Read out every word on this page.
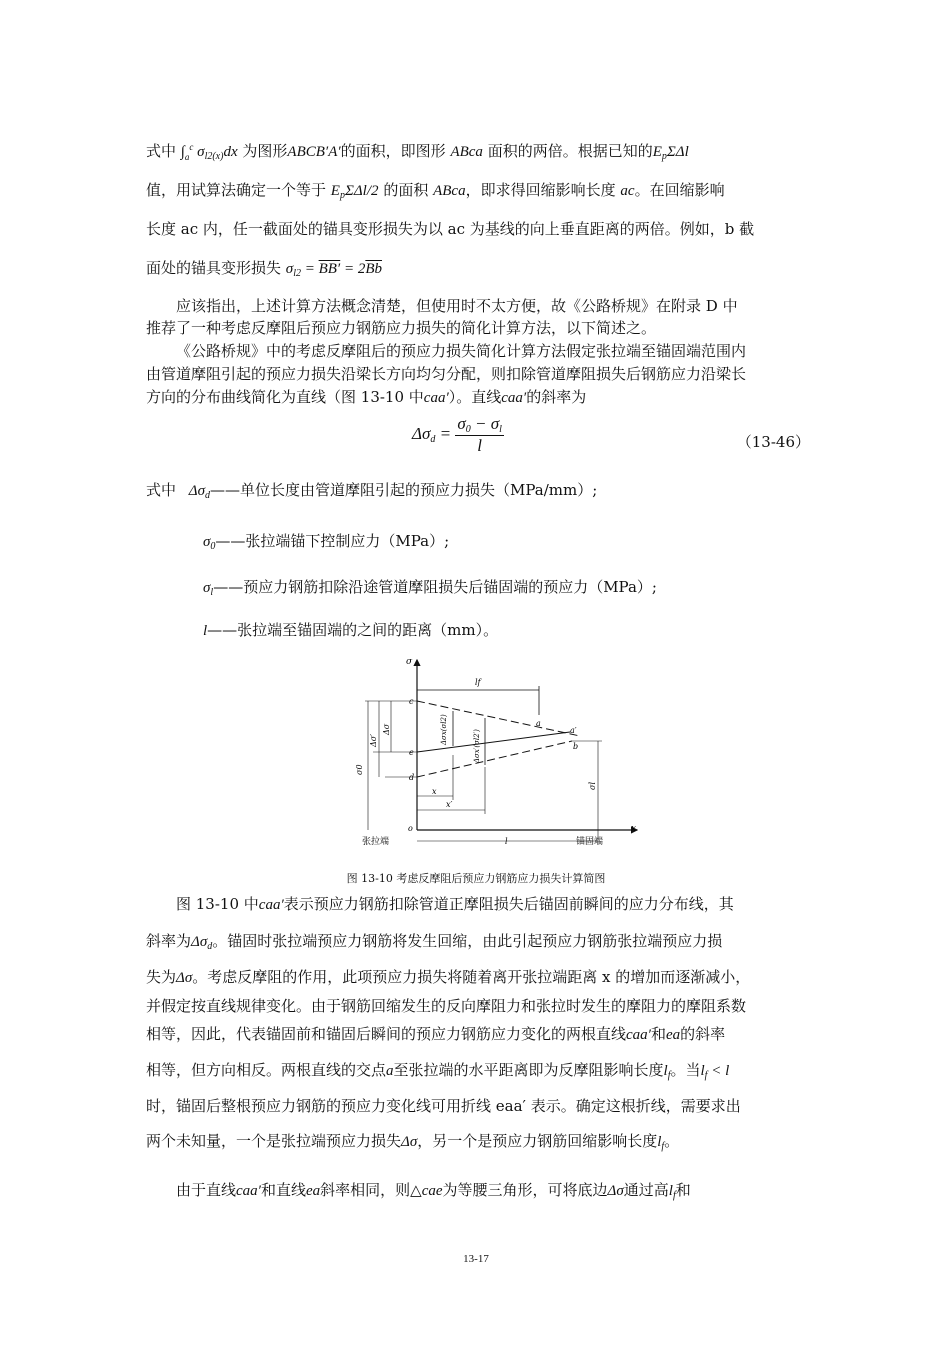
式中 $\int_a^c$ $\sigma_{l2(x)}dx$ 为图形ABCB′A′的面积，即图形 ABca 面积的两倍。根据已知的$E_p\Sigma\Delta l$
值，用试算法确定一个等于 $E_p\Sigma\Delta l/2$ 的面积 ABca，即求得回缩影响长度 ac。在回缩影响
长度 ac 内，任一截面处的锚具变形损失为以 ac 为基线的向上垂直距离的两倍。例如，b 截
面处的锚具变形损失 $\sigma_{l2} = BB' = 2\overline{Bb}$
应该指出，上述计算方法概念清楚，但使用时不太方便，故《公路桥规》在附录 D 中
推荐了一种考虑反摩阻后预应力钢筋应力损失的简化计算方法，以下简述之。
《公路桥规》中的考虑反摩阻后的预应力损失简化计算方法假定张拉端至锚固端范围内
由管道摩阻引起的预应力损失沿梁长方向均匀分配，则扣除管道摩阻损失后钢筋应力沿梁长
方向的分布曲线简化为直线（图 13-10 中caa′）。直线caa′的斜率为
$\Delta\sigma_d = \frac{\sigma_0 - \sigma_l}{l}$	（13-46）
式中 $\Delta\sigma_d——$单位长度由管道摩阻引起的预应力损失（MPa/mm）;
$\sigma_0——$张拉端锚下控制应力（MPa）;
$\sigma_l——$预应力钢筋扣除沿途管道摩阻损失后锚固端的预应力（MPa）;
l——张拉端至锚固端的之间的距离（mm）。
σ
x
o
lf
c
e
d
a
a′
b
Δσx(σl2)	Δσx′(σl2′)
σ0
Δσ′
Δσ
σl
x
x′
l
张拉端	锚固端
图 13-10 考虑反摩阻后预应力钢筋应力损失计算简图
图 13-10 中caa′表示预应力钢筋扣除管道正摩阻损失后锚固前瞬间的应力分布线，其
斜率为$\Delta\sigma_d$。锚固时张拉端预应力钢筋将发生回缩，由此引起预应力钢筋张拉端预应力损
失为Δσ。考虑反摩阻的作用，此项预应力损失将随着离开张拉端距离 x 的增加而逐渐减小，
并假定按直线规律变化。由于钢筋回缩发生的反向摩阻力和张拉时发生的摩阻力的摩阻系数
相等，因此，代表锚固前和锚固后瞬间的预应力钢筋应力变化的两根直线caa′和ea的斜率
相等，但方向相反。两根直线的交点a至张拉端的水平距离即为反摩阻影响长度$l_f$。当$l_f < l$
时，锚固后整根预应力钢筋的预应力变化线可用折线 eaa′ 表示。确定这根折线，需要求出
两个未知量，一个是张拉端预应力损失Δσ，另一个是预应力钢筋回缩影响长度$l_f$。
由于直线caa′和直线ea斜率相同，则△cae为等腰三角形，可将底边Δσ通过高$l_f$和
13-17
